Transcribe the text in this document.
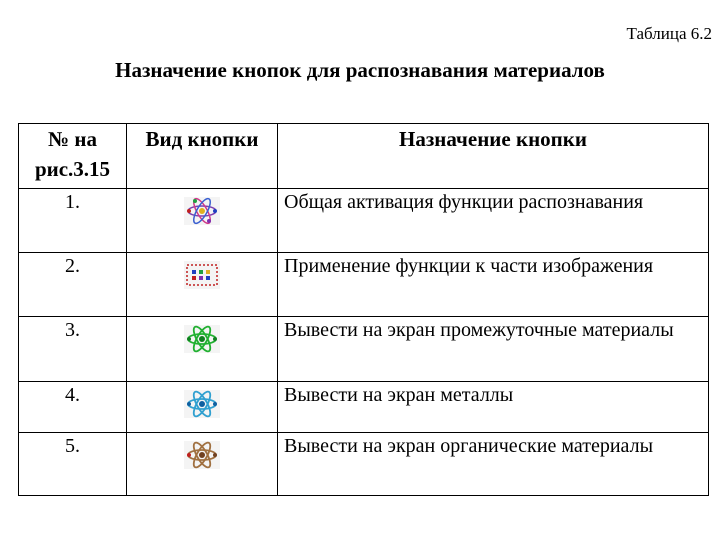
Таблица 6.2
Назначение кнопок для распознавания материалов
№ на
рис.3.15	Вид кнопки	Назначение кнопки
1.		Общая активация функции распознавания
2.		Применение функции к части изображения
3.		Вывести на экран промежуточные материалы
4.		Вывести на экран металлы
5.		Вывести на экран органические материалы
